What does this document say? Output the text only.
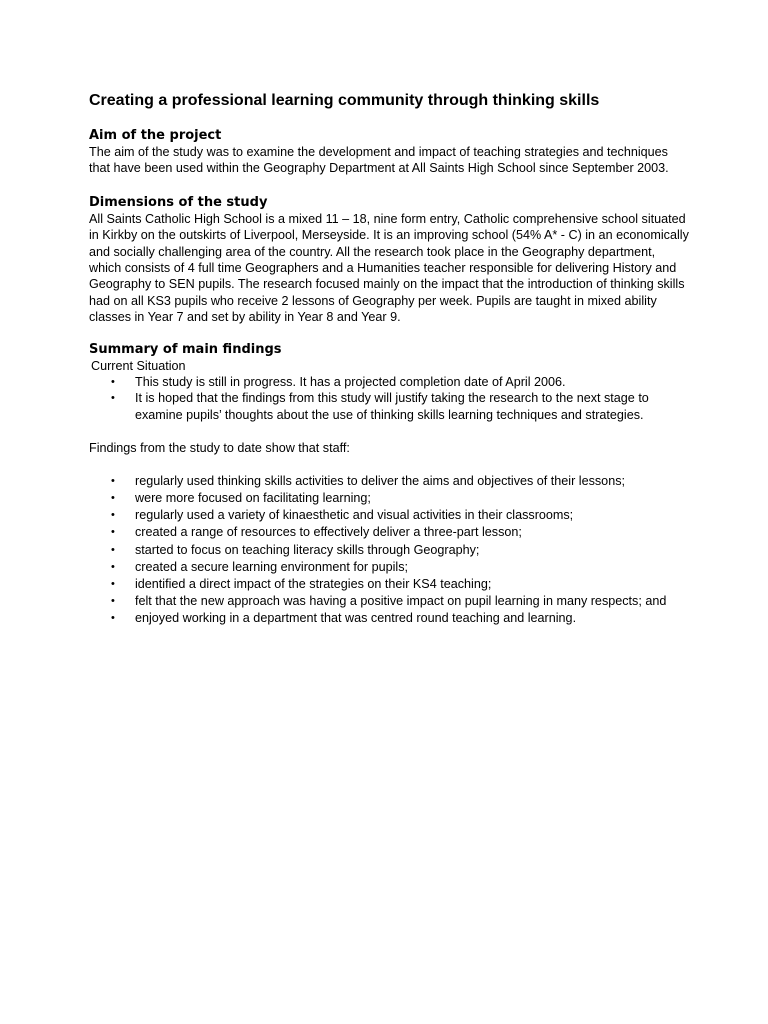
Creating a professional learning community through thinking skills
Aim of the project

The aim of the study was to examine the development and impact of teaching strategies and techniques that have been used within the Geography Department at All Saints High School since September 2003.

Dimensions of the study

All Saints Catholic High School is a mixed 11 – 18, nine form entry, Catholic comprehensive school situated in Kirkby on the outskirts of Liverpool, Merseyside. It is an improving school (54% A* - C) in an economically and socially challenging area of the country. All the research took place in the Geography department, which consists of 4 full time Geographers and a Humanities teacher responsible for delivering History and Geography to SEN pupils. The research focused mainly on the impact that the introduction of thinking skills had on all KS3 pupils who receive 2 lessons of Geography per week. Pupils are taught in mixed ability classes in Year 7 and set by ability in Year 8 and Year 9.

Summary of main findings

Current Situation

• This study is still in progress. It has a projected completion date of April 2006.
• It is hoped that the findings from this study will justify taking the research to the next stage to examine pupils’ thoughts about the use of thinking skills learning techniques and strategies.

Findings from the study to date show that staff:

• regularly used thinking skills activities to deliver the aims and objectives of their lessons;
• were more focused on facilitating learning;
• regularly used a variety of kinaesthetic and visual activities in their classrooms;
• created a range of resources to effectively deliver a three-part lesson;
• started to focus on teaching literacy skills through Geography;
• created a secure learning environment for pupils;
• identified a direct impact of the strategies on their KS4 teaching;
• felt that the new approach was having a positive impact on pupil learning in many respects; and
• enjoyed working in a department that was centred round teaching and learning.
